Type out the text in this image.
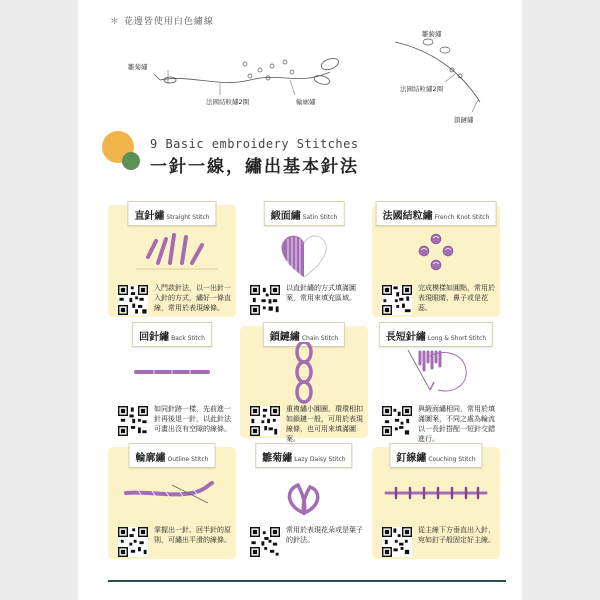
＊ 花邊皆使用白色繡線
雛菊繡
法國結粒繡2圈	輪廓繡
雛菊繡
法國結粒繡2圈
鎖鏈繡
9 Basic embroidery Stitches
一針一線，繡出基本針法
直針繡 Straight Stitch
入門款針法，以一出針一入針的方式，繡好一條直線，常用於表現線條。
緞面繡 Satin Stitch
以直針繡的方式填滿圖案，常用來填充區域。
法國結粒繡 French Knot Stitch
完成模樣如圓點，常用於表現眼睛、鼻子或是花蕊。
回針繡 Back Stitch
如同針跡一樣，先前進一針再後退一針，以此針法可畫出沒有空隙的線條。
鎖鏈繡 Chain Stitch
重複繡小圓圈，環環相扣如鎖鏈一般，可用於表現線條，也可用來填滿圖案。
長短針繡 Long & Short Stitch
與緞面繡相同，常用於填滿圖案，不同之處為輪流以一長針搭配一短針交錯進行。
輪廓繡 Outline Stitch
掌握出一針、回半針的原則，可繡出平滑的線條。
雛菊繡 Lazy Daisy Stitch
常用於表現花朵或是葉子的針法。
釘線繡 Couching Stitch
從主線下方垂直出入針，宛如釘子般固定好主線。
